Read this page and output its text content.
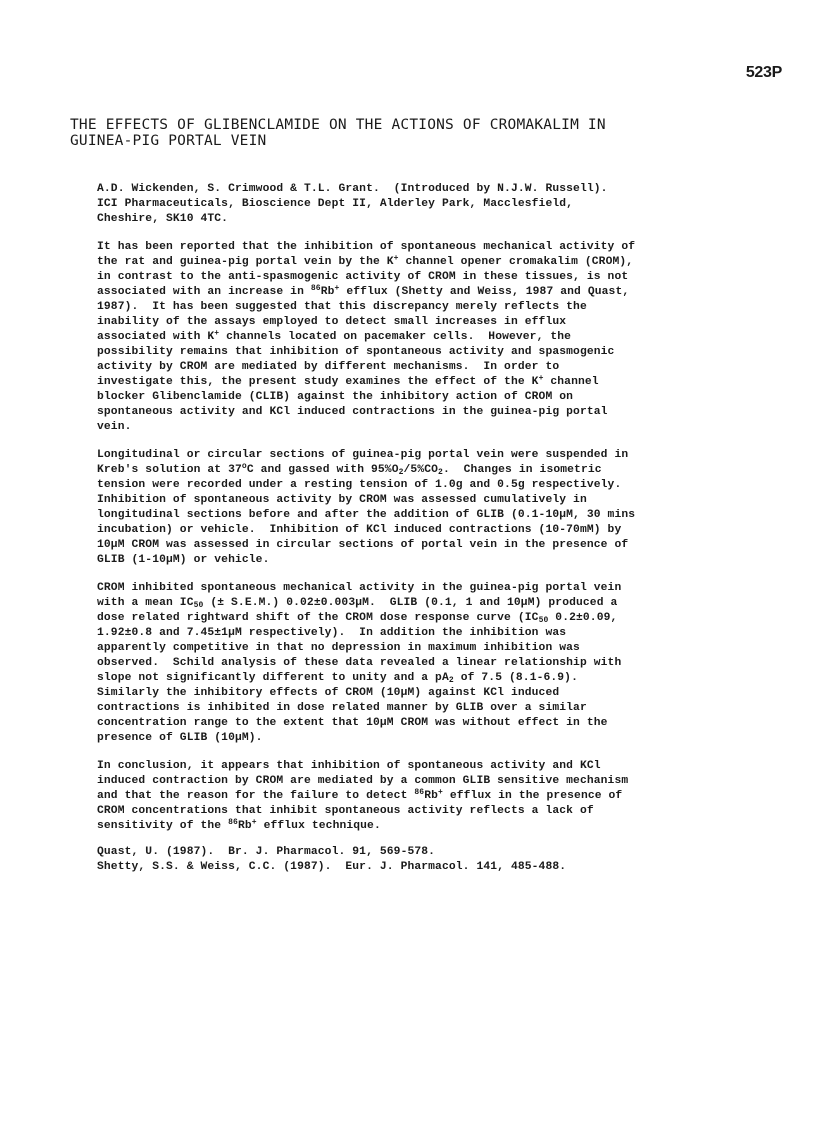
523P
THE EFFECTS OF GLIBENCLAMIDE ON THE ACTIONS OF CROMAKALIM IN
GUINEA-PIG PORTAL VEIN
A.D. Wickenden, S. Crimwood & T.L. Grant.  (Introduced by N.J.W. Russell).
ICI Pharmaceuticals, Bioscience Dept II, Alderley Park, Macclesfield,
Cheshire, SK10 4TC.
It has been reported that the inhibition of spontaneous mechanical activity of
the rat and guinea-pig portal vein by the K+ channel opener cromakalim (CROM),
in contrast to the anti-spasmogenic activity of CROM in these tissues, is not
associated with an increase in $^{86}$Rb+ efflux (Shetty and Weiss, 1987 and Quast,
1987).  It has been suggested that this discrepancy merely reflects the
inability of the assays employed to detect small increases in efflux
associated with K+ channels located on pacemaker cells.  However, the
possibility remains that inhibition of spontaneous activity and spasmogenic
activity by CROM are mediated by different mechanisms.  In order to
investigate this, the present study examines the effect of the K+ channel
blocker Glibenclamide (CLIB) against the inhibitory action of CROM on
spontaneous activity and KCl induced contractions in the guinea-pig portal
vein.
Longitudinal or circular sections of guinea-pig portal vein were suspended in
Kreb's solution at 37$^o$C and gassed with $95\%O_2/5\%CO_2$.  Changes in isometric
tension were recorded under a resting tension of 1.0g and 0.5g respectively.
Inhibition of spontaneous activity by CROM was assessed cumulatively in
longitudinal sections before and after the addition of GLIB (0.1-10µM, 30 mins
incubation) or vehicle.  Inhibition of KCl induced contractions (10-70mM) by
10µM CROM was assessed in circular sections of portal vein in the presence of
GLIB (1-10µM) or vehicle.
CROM inhibited spontaneous mechanical activity in the guinea-pig portal vein
with a mean $IC_{50}$ (± S.E.M.) 0.02±0.003µM.  GLIB (0.1, 1 and 10µM) produced a
dose related rightward shift of the CROM dose response curve ($IC_{50}$ 0.2±0.09,
1.92±0.8 and 7.45±1µM respectively).  In addition the inhibition was
apparently competitive in that no depression in maximum inhibition was
observed.  Schild analysis of these data revealed a linear relationship with
slope not significantly different to unity and a $pA_2$ of 7.5 (8.1-6.9).
Similarly the inhibitory effects of CROM (10µM) against KCl induced
contractions is inhibited in dose related manner by GLIB over a similar
concentration range to the extent that 10µM CROM was without effect in the
presence of GLIB (10µM).
In conclusion, it appears that inhibition of spontaneous activity and KCl
induced contraction by CROM are mediated by a common GLIB sensitive mechanism
and that the reason for the failure to detect $^{86}$Rb+ efflux in the presence of
CROM concentrations that inhibit spontaneous activity reflects a lack of
sensitivity of the $^{86}$Rb+ efflux technique.
Quast, U. (1987).  Br. J. Pharmacol. 91, 569-578.
Shetty, S.S. & Weiss, C.C. (1987).  Eur. J. Pharmacol. 141, 485-488.
